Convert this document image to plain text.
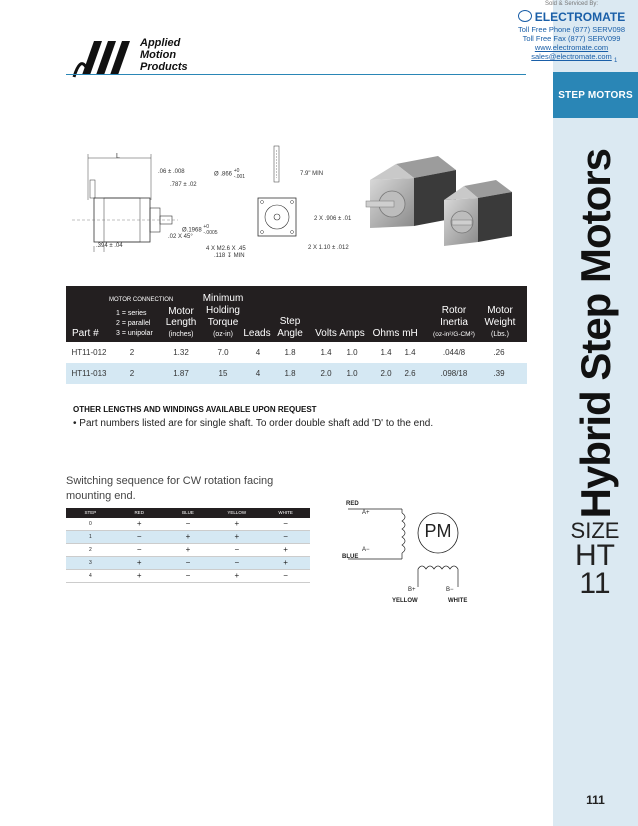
STEP MOTORS
Hybrid Step Motors
SIZE
HT
11
111
Applied
Motion
Products
Sold & Serviced By:
ELECTROMATE
Toll Free Phone (877) SERV098
Toll Free Fax (877) SERV099
www.electromate.com
sales@electromate.com 1
L
.06 ± .008
.787 ± .02
Ø.1968 +0
-.0005
.02 X 45°
.394 ± .04
Ø .866 +0
-.001	7.9" MIN
2 X .906 ± .01
2 X 1.10 ± .012
4 X M2.6 X .45
.118 ↧ MIN
MOTOR CONNECTION
1 = series
2 = parallel
3 = unipolar
Part #
Motor
Length
(inches)
Minimum
Holding
Torque
(oz-in)	Leads
Step
Angle	Volts Amps Ohms mH
Rotor
Inertia
(oz-in²/G-CM²)
Motor
Weight
(Lbs.)
HT11-012	2	1.32	7.0	4	1.8	1.4	1.0	1.4	1.4	.044/8	.26
HT11-013	2	1.87	15	4	1.8	2.0	1.0	2.0	2.6	.098/18	.39
OTHER LENGTHS AND WINDINGS AVAILABLE UPON REQUEST
• Part numbers listed are for single shaft. To order double shaft add 'D' to the end.
Switching sequence for CW rotation facing mounting end.
STEP	RED	BLUE	YELLOW	WHITE
0	+	−	+	−
1	−	+	+	−
2	−	+	−	+
3	+	−	−	+
4	+	−	+	−
RED
A+
A−
BLUE
PM
B+	B−
YELLOW	WHITE
